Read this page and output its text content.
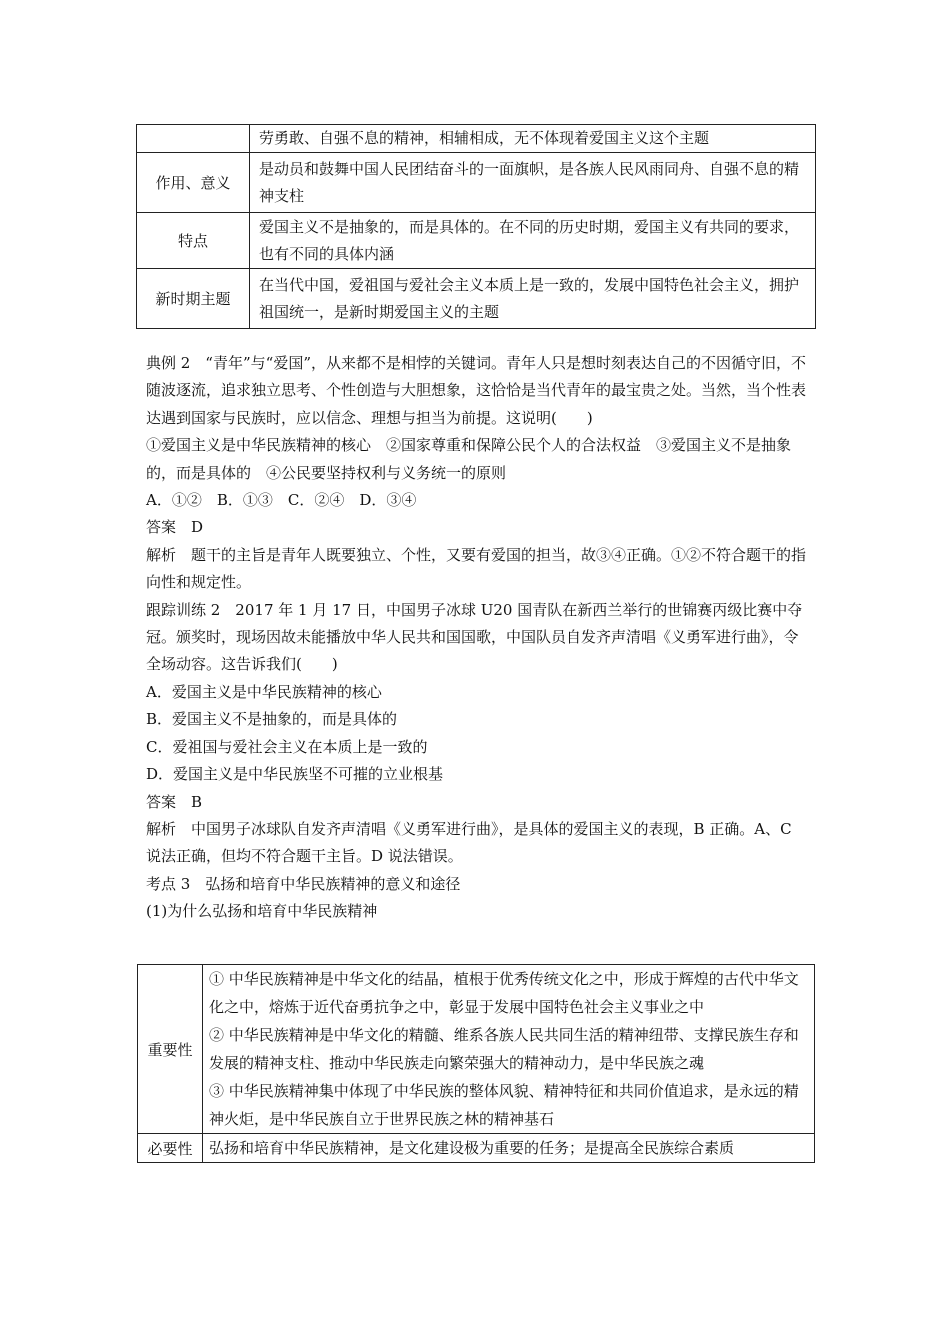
	劳勇敢、自强不息的精神，相辅相成，无不体现着爱国主义这个主题
作用、意义	是动员和鼓舞中国人民团结奋斗的一面旗帜，是各族人民风雨同舟、自强不息的精神支柱
特点	爱国主义不是抽象的，而是具体的。在不同的历史时期，爱国主义有共同的要求，也有不同的具体内涵
新时期主题	在当代中国，爱祖国与爱社会主义本质上是一致的，发展中国特色社会主义，拥护祖国统一，是新时期爱国主义的主题

典例 2　“青年”与“爱国”，从来都不是相悖的关键词。青年人只是想时刻表达自己的不因循守旧，不随波逐流，追求独立思考、个性创造与大胆想象，这恰恰是当代青年的最宝贵之处。当然，当个性表达遇到国家与民族时，应以信念、理想与担当为前提。这说明(　　)

①爱国主义是中华民族精神的核心　②国家尊重和保障公民个人的合法权益　③爱国主义不是抽象的，而是具体的　④公民要坚持权利与义务统一的原则

A．①②　B．①③　C．②④　D．③④

答案　D

解析　题干的主旨是青年人既要独立、个性，又要有爱国的担当，故③④正确。①②不符合题干的指向性和规定性。

跟踪训练 2　2017 年 1 月 17 日，中国男子冰球 U20 国青队在新西兰举行的世锦赛丙级比赛中夺冠。颁奖时，现场因故未能播放中华人民共和国国歌，中国队员自发齐声清唱《义勇军进行曲》，令全场动容。这告诉我们(　　)

A．爱国主义是中华民族精神的核心

B．爱国主义不是抽象的，而是具体的

C．爱祖国与爱社会主义在本质上是一致的

D．爱国主义是中华民族坚不可摧的立业根基

答案　B

解析　中国男子冰球队自发齐声清唱《义勇军进行曲》，是具体的爱国主义的表现，B 正确。A、C 说法正确，但均不符合题干主旨。D 说法错误。

考点 3　弘扬和培育中华民族精神的意义和途径

(1)为什么弘扬和培育中华民族精神

重要性	① 中华民族精神是中华文化的结晶，植根于优秀传统文化之中，形成于辉煌的古代中华文化之中，熔炼于近代奋勇抗争之中，彰显于发展中国特色社会主义事业之中
② 中华民族精神是中华文化的精髓、维系各族人民共同生活的精神纽带、支撑民族生存和发展的精神支柱、推动中华民族走向繁荣强大的精神动力，是中华民族之魂
③ 中华民族精神集中体现了中华民族的整体风貌、精神特征和共同价值追求，是永远的精神火炬，是中华民族自立于世界民族之林的精神基石

必要性	弘扬和培育中华民族精神，是文化建设极为重要的任务；是提高全民族综合素质
